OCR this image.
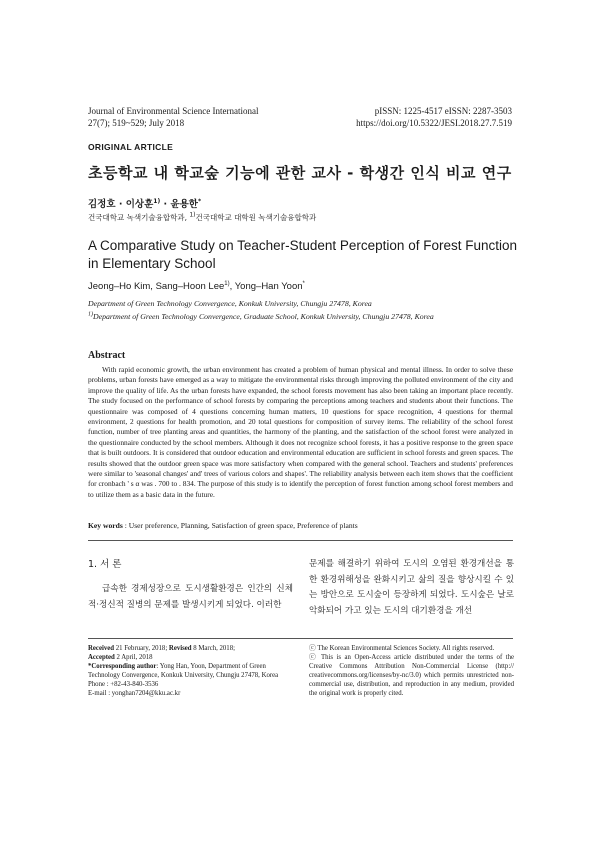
Journal of Environmental Science International
27(7); 519~529; July 2018
pISSN: 1225-4517 eISSN: 2287-3503
https://doi.org/10.5322/JESI.2018.27.7.519
ORIGINAL ARTICLE
초등학교 내 학교숲 기능에 관한 교사 - 학생간 인식 비교 연구
김정호 · 이상훈$^{1)}$ · 윤용한*
건국대학교 녹색기술융합학과, $^{1)}$건국대학교 대학원 녹색기술융합학과
A Comparative Study on Teacher-Student Perception of Forest Function in Elementary School
Jeong–Ho Kim, Sang–Hoon Lee$^{1)}$, Yong–Han Yoon*
Department of Green Technology Convergence, Konkuk University, Chungju 27478, Korea
$^{1)}$Department of Green Technology Convergence, Graduate School, Konkuk University, Chungju 27478, Korea
Abstract
With rapid economic growth, the urban environment has created a problem of human physical and mental illness. In order to solve these problems, urban forests have emerged as a way to mitigate the environmental risks through improving the polluted environment of the city and improve the quality of life. As the urban forests have expanded, the school forests movement has also been taking an important place recently. The study focused on the performance of school forests by comparing the perceptions among teachers and students about their functions. The questionnaire was composed of 4 questions concerning human matters, 10 questions for space recognition, 4 questions for thermal environment, 2 questions for health promotion, and 20 total questions for composition of survey items. The reliability of the school forest function, number of tree planting areas and quantities, the harmony of the planting, and the satisfaction of the school forest were analyzed in the questionnaire conducted by the school members. Although it does not recognize school forests, it has a positive response to the green space that is built outdoors. It is considered that outdoor education and environmental education are sufficient in school forests and green spaces. The results showed that the outdoor green space was more satisfactory when compared with the general school. Teachers and students' preferences were similar to 'seasonal changes' and' trees of various colors and shapes'. The reliability analysis between each item shows that the coefficient for cronbach ' s α was . 700 to . 834. The purpose of this study is to identify the perception of forest function among school forest members and to utilize them as a basic data in the future.
Key words : User preference, Planning, Satisfaction of green space, Preference of plants
1. 서 론
급속한 경제성장으로 도시생활환경은 인간의 신체적·정신적 질병의 문제를 발생시키게 되었다. 이러한
문제를 해결하기 위하여 도시의 오염된 환경개선을 통한 환경위해성을 완화시키고 삶의 질을 향상시킬 수 있는 방안으로 도시숲이 등장하게 되었다. 도시숲은 날로 악화되어 가고 있는 도시의 대기환경을 개선
Received 21 February, 2018; Revised 8 March, 2018;
Accepted 2 April, 2018
*Corresponding author: Yong Han, Yoon, Department of Green Technology Convergence, Konkuk University, Chungju 27478, Korea
Phone : +82-43-840-3536
E-mail : yonghan7204@kku.ac.kr
ⓒ The Korean Environmental Sciences Society. All rights reserved.
ⓒ This is an Open-Access article distributed under the terms of the Creative Commons Attribution Non-Commercial License (http:// creativecommons.org/licenses/by-nc/3.0) which permits unrestricted non-commercial use, distribution, and reproduction in any medium, provided the original work is properly cited.
